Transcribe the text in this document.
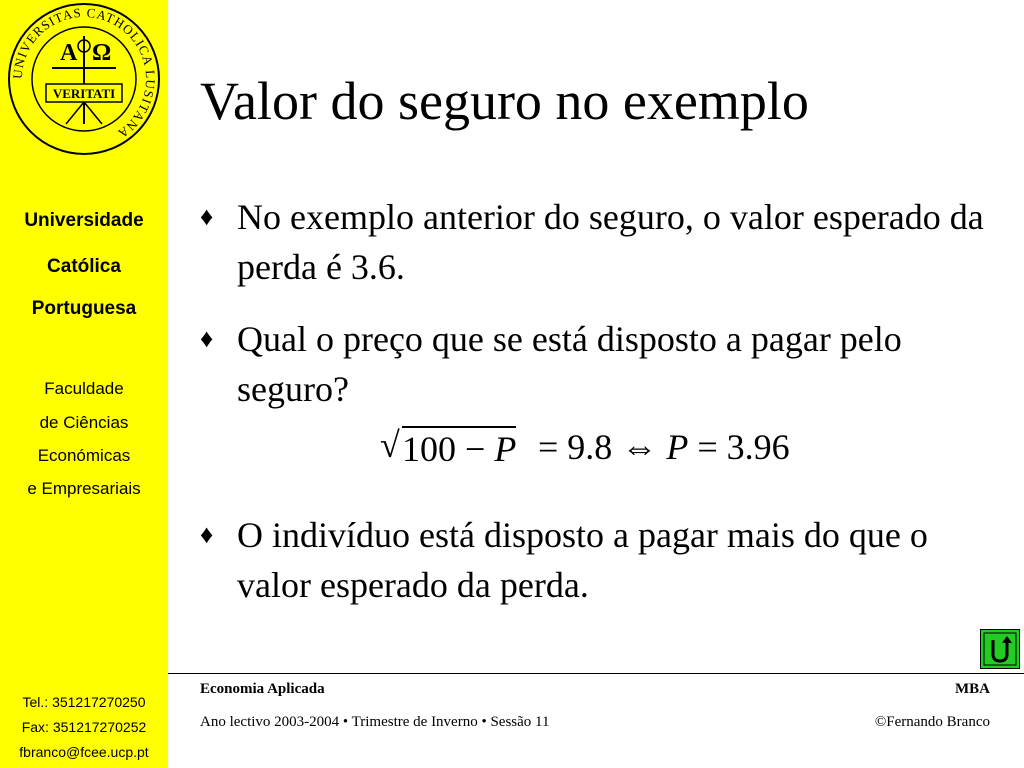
UNIVERSITAS CATHOLICA LUSITANA
A Ω
VERITATI
Universidade
Católica
Portuguesa
Faculdade
de Ciências
Económicas
e Empresariais
Tel.: 351217270250
Fax: 351217270252
fbranco@fcee.ucp.pt
Valor do seguro no exemplo
♦ No exemplo anterior do seguro, o valor esperado da perda é 3.6.
♦ Qual o preço que se está disposto a pagar pelo seguro?
√ 100 − P = 9.8 ⇔ P = 3.96
♦ O indivíduo está disposto a pagar mais do que o valor esperado da perda.
Economia Aplicada	MBA
Ano lectivo 2003-2004 • Trimestre de Inverno • Sessão 11	©Fernando Branco
